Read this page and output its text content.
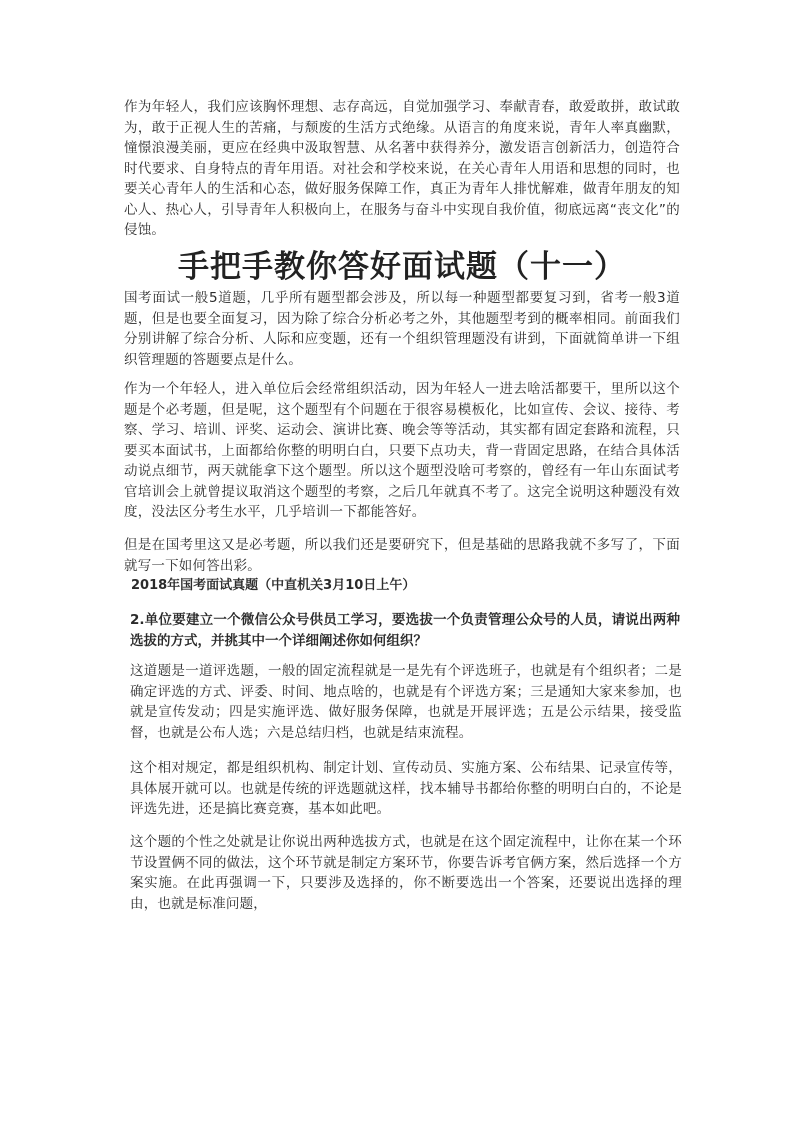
作为年轻人，我们应该胸怀理想、志存高远，自觉加强学习、奉献青春，敢爱敢拼，敢试敢为，敢于正视人生的苦痛，与颓废的生活方式绝缘。从语言的角度来说，青年人率真幽默，憧憬浪漫美丽，更应在经典中汲取智慧、从名著中获得养分，激发语言创新活力，创造符合时代要求、自身特点的青年用语。对社会和学校来说，在关心青年人用语和思想的同时，也要关心青年人的生活和心态，做好服务保障工作，真正为青年人排忧解难，做青年朋友的知心人、热心人，引导青年人积极向上，在服务与奋斗中实现自我价值，彻底远离“丧文化”的侵蚀。

手把手教你答好面试题（十一）

国考面试一般5道题，几乎所有题型都会涉及，所以每一种题型都要复习到，省考一般3道题，但是也要全面复习，因为除了综合分析必考之外，其他题型考到的概率相同。前面我们分别讲解了综合分析、人际和应变题，还有一个组织管理题没有讲到，下面就简单讲一下组织管理题的答题要点是什么。

作为一个年轻人，进入单位后会经常组织活动，因为年轻人一进去啥活都要干，里所以这个题是个必考题，但是呢，这个题型有个问题在于很容易模板化，比如宣传、会议、接待、考察、学习、培训、评奖、运动会、演讲比赛、晚会等等活动，其实都有固定套路和流程，只要买本面试书，上面都给你整的明明白白，只要下点功夫，背一背固定思路，在结合具体活动说点细节，两天就能拿下这个题型。所以这个题型没啥可考察的，曾经有一年山东面试考官培训会上就曾提议取消这个题型的考察，之后几年就真不考了。这完全说明这种题没有效度，没法区分考生水平，几乎培训一下都能答好。

但是在国考里这又是必考题，所以我们还是要研究下，但是基础的思路我就不多写了，下面就写一下如何答出彩。

2018年国考面试真题（中直机关3月10日上午）

2.单位要建立一个微信公众号供员工学习，要选拔一个负责管理公众号的人员，请说出两种选拔的方式，并挑其中一个详细阐述你如何组织？

这道题是一道评选题，一般的固定流程就是一是先有个评选班子，也就是有个组织者；二是确定评选的方式、评委、时间、地点啥的，也就是有个评选方案；三是通知大家来参加，也就是宣传发动；四是实施评选、做好服务保障，也就是开展评选；五是公示结果，接受监督，也就是公布人选；六是总结归档，也就是结束流程。

这个相对规定，都是组织机构、制定计划、宣传动员、实施方案、公布结果、记录宣传等，具体展开就可以。也就是传统的评选题就这样，找本辅导书都给你整的明明白白的，不论是评选先进，还是搞比赛竞赛，基本如此吧。

这个题的个性之处就是让你说出两种选拔方式，也就是在这个固定流程中，让你在某一个环节设置俩不同的做法，这个环节就是制定方案环节，你要告诉考官俩方案，然后选择一个方案实施。在此再强调一下，只要涉及选择的，你不断要选出一个答案，还要说出选择的理由，也就是标准问题，
